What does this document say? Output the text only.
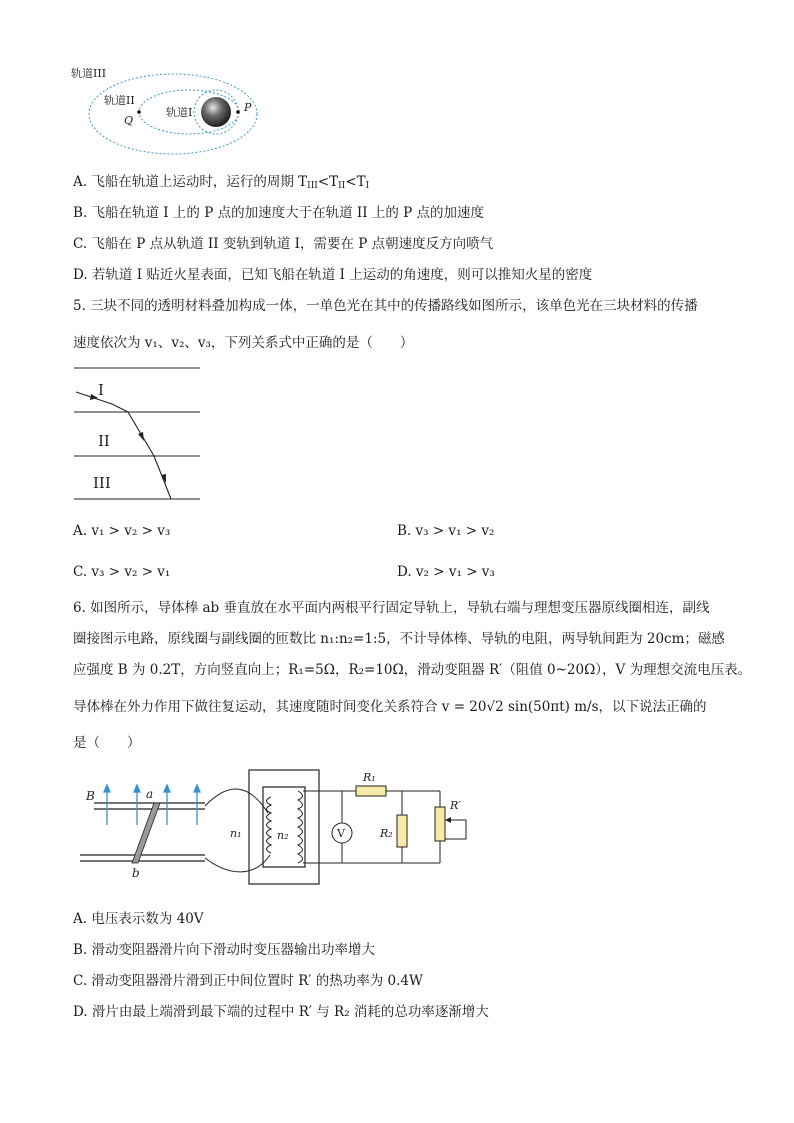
轨道III
轨道II
轨道I	P
Q
A. 飞船在轨道上运动时，运行的周期 $T_{III}<T_{II}<T_I$
B. 飞船在轨道 I 上的 P 点的加速度大于在轨道 II 上的 P 点的加速度
C. 飞船在 P 点从轨道 II 变轨到轨道 I，需要在 P 点朝速度反方向喷气
D. 若轨道 I 贴近火星表面，已知飞船在轨道 I 上运动的角速度，则可以推知火星的密度
5. 三块不同的透明材料叠加构成一体，一单色光在其中的传播路线如图所示，该单色光在三块材料的传播
速度依次为 v₁、v₂、v₃，下列关系式中正确的是（　　）
I
II
III
A. v₁ > v₂ > v₃	B. v₃ > v₁ > v₂
C. v₃ > v₂ > v₁	D. v₂ > v₁ > v₃
6. 如图所示，导体棒 ab 垂直放在水平面内两根平行固定导轨上，导轨右端与理想变压器原线圈相连，副线
圈接图示电路，原线圈与副线圈的匝数比 n₁:n₂=1:5，不计导体棒、导轨的电阻，两导轨间距为 20cm；磁感
应强度 B 为 0.2T，方向竖直向上；R₁=5Ω，R₂=10Ω，滑动变阻器 R′（阻值 0~20Ω），V 为理想交流电压表。
导体棒在外力作用下做往复运动，其速度随时间变化关系符合 v = 20√2 sin(50πt) m/s，以下说法正确的
是（　　）
B	a
b
n₁	n₂	V
R₁
R₂
R′
A. 电压表示数为 40V
B. 滑动变阻器滑片向下滑动时变压器输出功率增大
C. 滑动变阻器滑片滑到正中间位置时 R′ 的热功率为 0.4W
D. 滑片由最上端滑到最下端的过程中 R′ 与 R₂ 消耗的总功率逐渐增大
